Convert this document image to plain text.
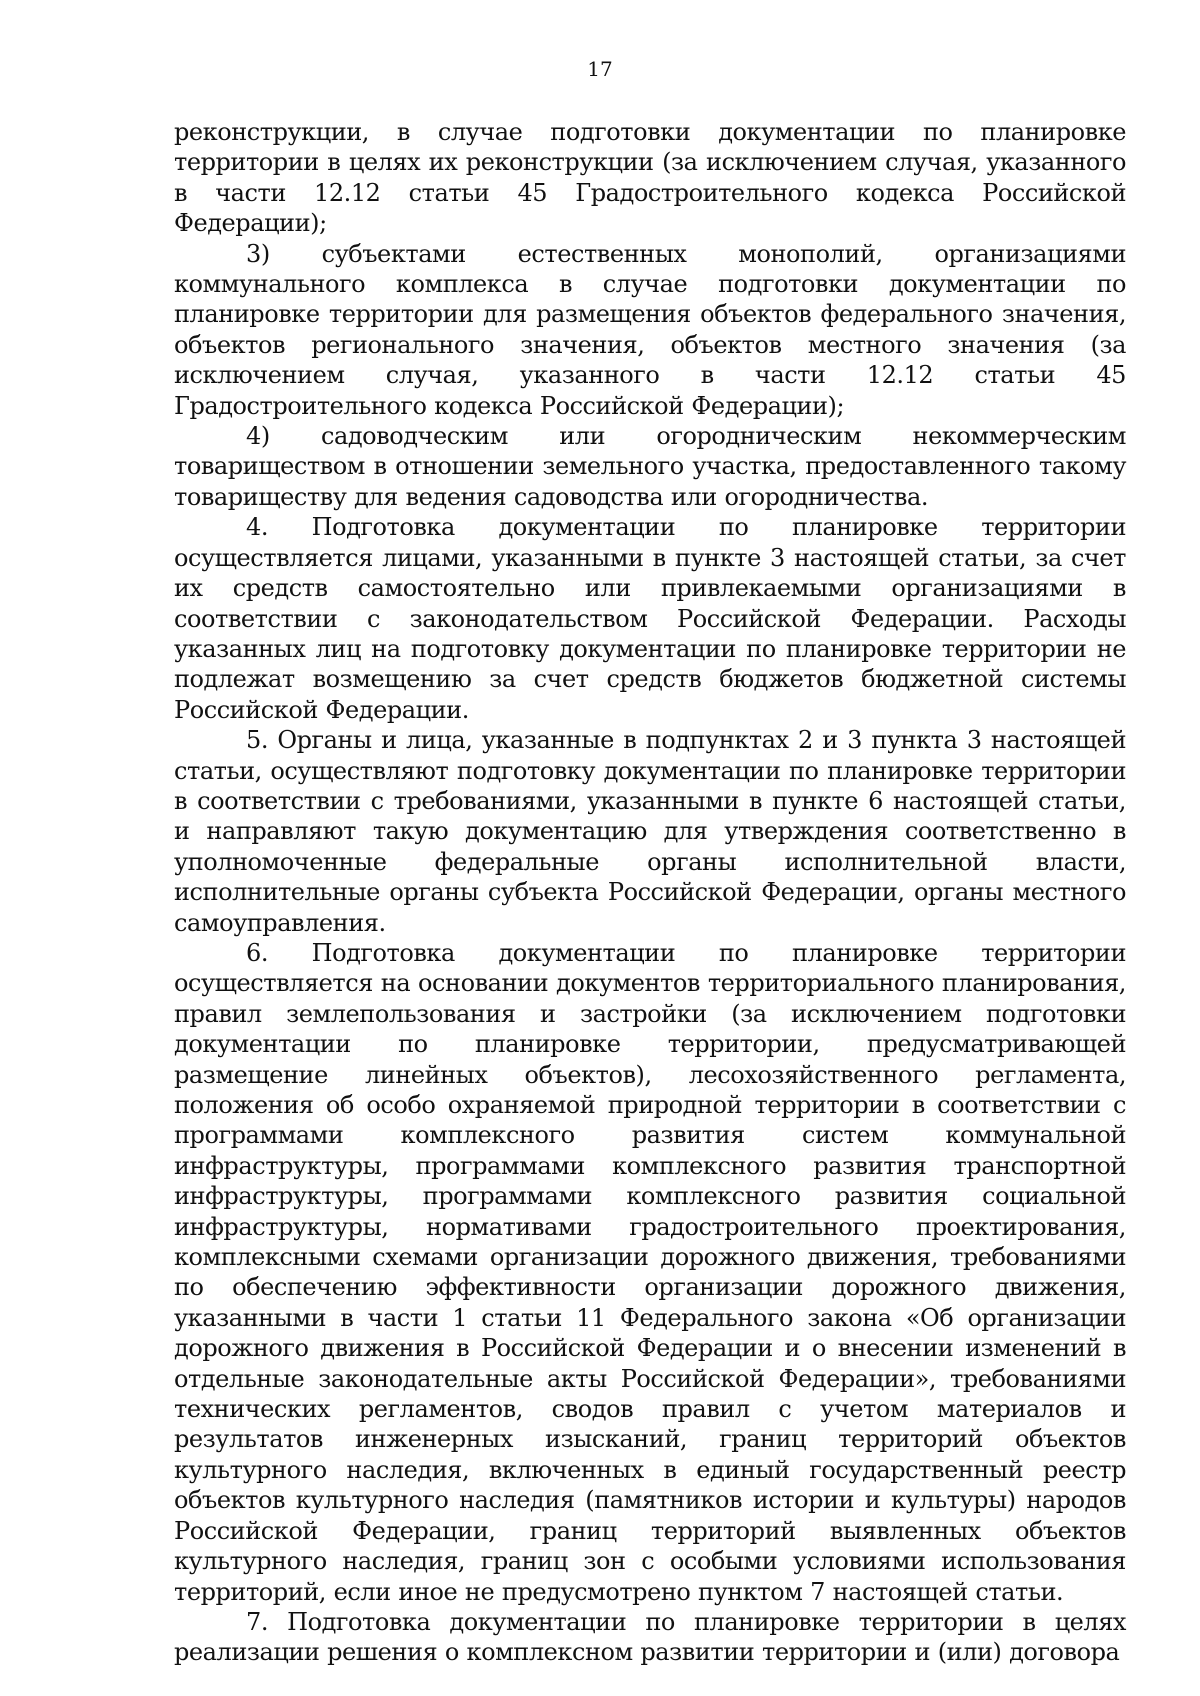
17

реконструкции, в случае подготовки документации по планировке территории в целях их реконструкции (за исключением случая, указанного в части 12.12 статьи 45 Градостроительного кодекса Российской Федерации);

3) субъектами естественных монополий, организациями коммунального комплекса в случае подготовки документации по планировке территории для размещения объектов федерального значения, объектов регионального значения, объектов местного значения (за исключением случая, указанного в части 12.12 статьи 45 Градостроительного кодекса Российской Федерации);

4) садоводческим или огородническим некоммерческим товариществом в отношении земельного участка, предоставленного такому товариществу для ведения садоводства или огородничества.

4. Подготовка документации по планировке территории осуществляется лицами, указанными в пункте 3 настоящей статьи, за счет их средств самостоятельно или привлекаемыми организациями в соответствии с законодательством Российской Федерации. Расходы указанных лиц на подготовку документации по планировке территории не подлежат возмещению за счет средств бюджетов бюджетной системы Российской Федерации.

5. Органы и лица, указанные в подпунктах 2 и 3 пункта 3 настоящей статьи, осуществляют подготовку документации по планировке территории в соответствии с требованиями, указанными в пункте 6 настоящей статьи, и направляют такую документацию для утверждения соответственно в уполномоченные федеральные органы исполнительной власти, исполнительные органы субъекта Российской Федерации, органы местного самоуправления.

6. Подготовка документации по планировке территории осуществляется на основании документов территориального планирования, правил землепользования и застройки (за исключением подготовки документации по планировке территории, предусматривающей размещение линейных объектов), лесохозяйственного регламента, положения об особо охраняемой природной территории в соответствии с программами комплексного развития систем коммунальной инфраструктуры, программами комплексного развития транспортной инфраструктуры, программами комплексного развития социальной инфраструктуры, нормативами градостроительного проектирования, комплексными схемами организации дорожного движения, требованиями по обеспечению эффективности организации дорожного движения, указанными в части 1 статьи 11 Федерального закона «Об организации дорожного движения в Российской Федерации и о внесении изменений в отдельные законодательные акты Российской Федерации», требованиями технических регламентов, сводов правил с учетом материалов и результатов инженерных изысканий, границ территорий объектов культурного наследия, включенных в единый государственный реестр объектов культурного наследия (памятников истории и культуры) народов Российской Федерации, границ территорий выявленных объектов культурного наследия, границ зон с особыми условиями использования территорий, если иное не предусмотрено пунктом 7 настоящей статьи.

7. Подготовка документации по планировке территории в целях реализации решения о комплексном развитии территории и (или) договора
